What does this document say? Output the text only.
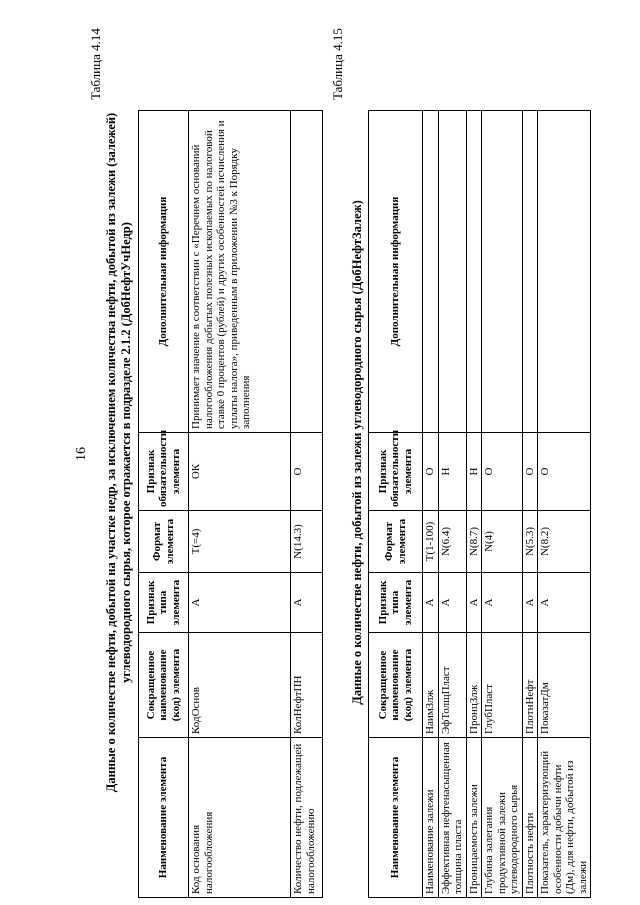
16
Таблица 4.14
Данные о количестве нефти, добытой на участке недр, за исключением количества нефти, добытой из залежи (залежей) углеводородного сырья, которое отражается в подразделе 2.1.2 (ДобНефтУчНедр)
Наименование элемента	Сокращенное наименование (код) элемента	Признак типа элемента	Формат элемента	Признак обязательности элемента	Дополнительная информация
Код основания налогообложения	КодОснов	А	T(=4)	ОК	Принимает значение в соответствии с «Перечнем оснований налогообложения добытых полезных ископаемых по налоговой ставке 0 процентов (рублей) и других особенностей исчисления и уплаты налога», приведенным в приложении №3 к Порядку заполнения
Количество нефти, подлежащей налогообложению	КолНефтПН	А	N(14.3)	О	
Таблица 4.15
Данные о количестве нефти, добытой из залежи углеводородного сырья (ДобНефтЗалеж)
Наименование элемента	Сокращенное наименование (код) элемента	Признак типа элемента	Формат элемента	Признак обязательности элемента	Дополнительная информация
Наименование залежи	НаимЗлж	А	T(1-100)	О	
Эффективная нефтенасыщенная толщина пласта	ЭфТолщПласт	А	N(6.4)	Н	
Проницаемость залежи	ПронцЗлж	А	N(8.7)	Н	
Глубина залегания продуктивной залежи углеводородного сырья	ГлубПласт	А	N(4)	О	
Плотность нефти	ПлотнНефт	А	N(5.3)	О	
Показатель, характеризующий особенности добычи нефти (Дм), для нефти, добытой из залежи	ПоказатДм	А	N(8.2)	О	
